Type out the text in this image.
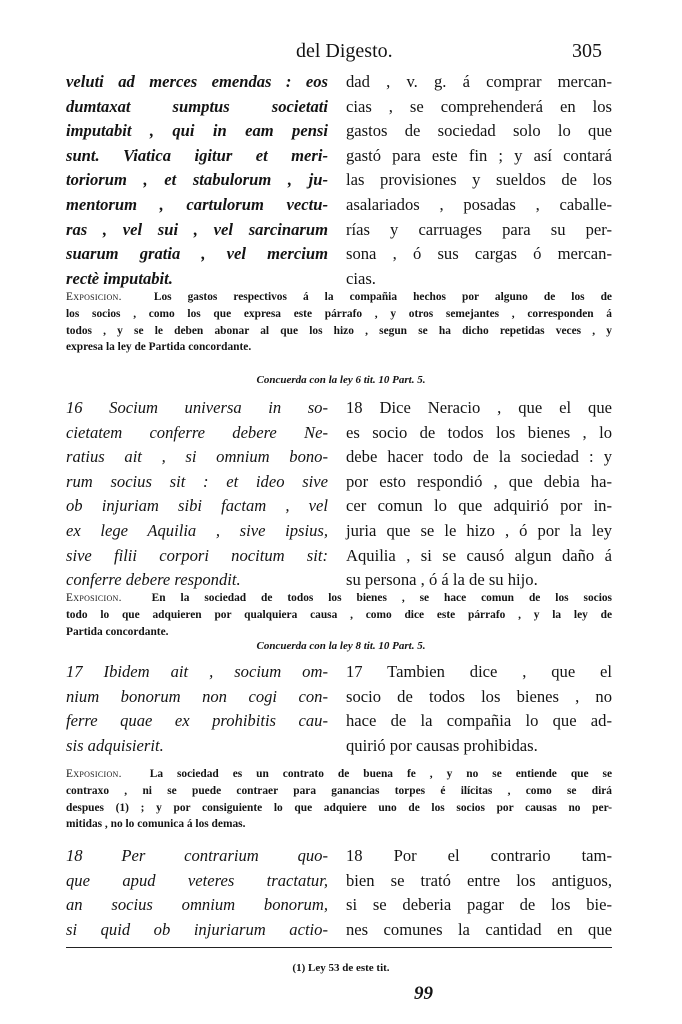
del Digesto.	305
veluti ad merces emendas : eos
dumtaxat sumptus societati
imputabit , qui in eam pensi
sunt. Viatica igitur et meri-
toriorum , et stabulorum , ju-
mentorum , cartulorum vectu-
ras , vel sui , vel sarcinarum
suarum gratia , vel mercium
rectè imputabit.
dad , v. g. á comprar mercan-
cias , se comprehenderá en los
gastos de sociedad solo lo que
gastó para este fin ; y así contará
las provisiones y sueldos de los
asalariados , posadas , caballe-
rías y carruages para su per-
sona , ó sus cargas ó mercan-
cias.
Exposicion.	Los gastos respectivos á la compañia hechos por alguno de los de
los socios , como los que expresa este párrafo , y otros semejantes , corresponden á
todos , y se le deben abonar al que los hizo , segun se ha dicho repetidas veces , y
expresa la ley de Partida concordante.
Concuerda con la ley 6 tit. 10 Part. 5.
16 Socium universa in so-
cietatem conferre debere Ne-
ratius ait , si omnium bono-
rum socius sit : et ideo sive
ob injuriam sibi factam , vel
ex lege Aquilia , sive ipsius,
sive filii corpori nocitum sit:
conferre debere respondit.
18 Dice Neracio , que el que
es socio de todos los bienes , lo
debe hacer todo de la sociedad : y
por esto respondió , que debia ha-
cer comun lo que adquirió por in-
juria que se le hizo , ó por la ley
Aquilia , si se causó algun daño á
su persona , ó á la de su hijo.
Exposicion.	En la sociedad de todos los bienes , se hace comun de los socios
todo lo que adquieren por qualquiera causa , como dice este párrafo , y la ley de
Partida concordante.
Concuerda con la ley 8 tit. 10 Part. 5.
17 Ibidem ait , socium om-
nium bonorum non cogi con-
ferre quae ex prohibitis cau-
sis adquisierit.
17 Tambien dice , que el
socio de todos los bienes , no
hace de la compañia lo que ad-
quirió por causas prohibidas.
Exposicion. La sociedad es un contrato de buena fe , y no se entiende que se
contraxo , ni se puede contraer para ganancias torpes é ilícitas , como se dirá
despues (1) ; y por consiguiente lo que adquiere uno de los socios por causas no per-
mitidas , no lo comunica á los demas.
18 Per contrarium quo-
que apud veteres tractatur,
an socius omnium bonorum,
si quid ob injuriarum actio-
18 Por el contrario tam-
bien se trató entre los antiguos,
si se deberia pagar de los bie-
nes comunes la cantidad en que
(1) Ley 53 de este tit.
99
